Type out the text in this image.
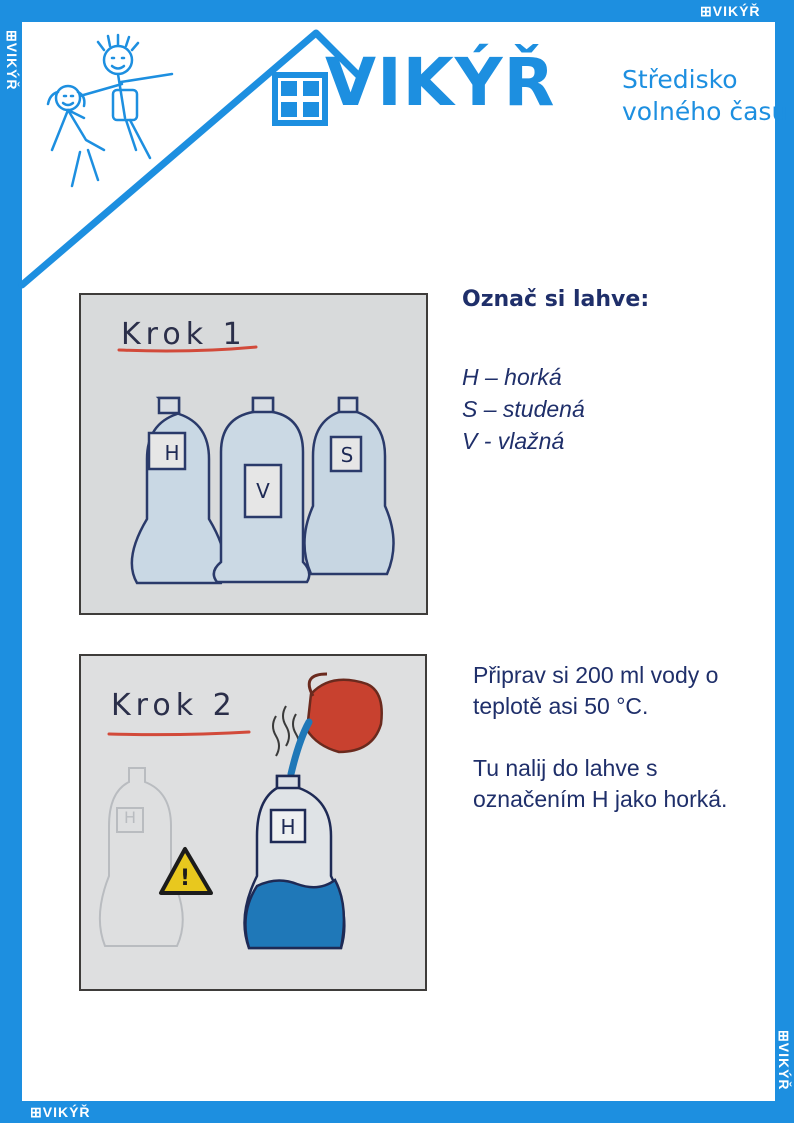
⊞VIKÝŘ
⊞VIKÝŘ
⊞VIKÝŘ
⊞VIKÝŘ
VIKÝŘ	Středisko
volného času
Krok 1
H
V
S
Označ si lahve:
H – horká
S – studená
V - vlažná
Krok 2
!
H	H

Připrav si 200 ml vody o teplotě asi 50 °C.

Tu nalij do lahve s označením H jako horká.
